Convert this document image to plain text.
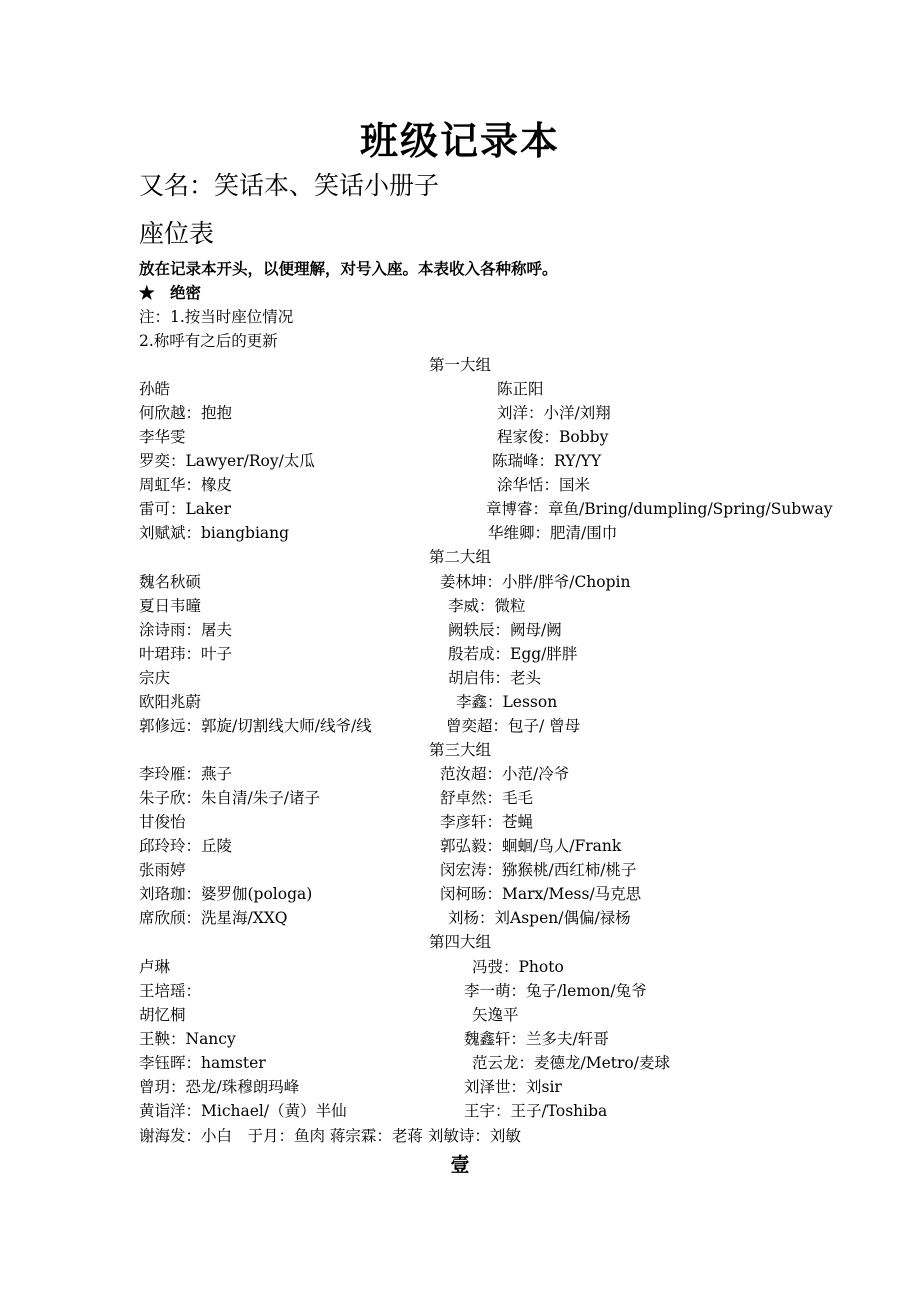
班级记录本
又名：笑话本、笑话小册子
座位表
放在记录本开头，以便理解，对号入座。本表收入各种称呼。
★　绝密
注：1.按当时座位情况
2.称呼有之后的更新
第一大组
孙皓	陈正阳
何欣越：抱抱	刘洋：小洋/刘翔
李华雯	程家俊：Bobby
罗奕：Lawyer/Roy/太瓜	陈瑞峰：RY/YY
周虹华：橡皮	涂华恬：国米
雷可：Laker	章博睿：章鱼/Bring/dumpling/Spring/Subway
刘赋斌：biangbiang	华维卿：肥清/围巾
第二大组
魏名秋硕	姜林坤：小胖/胖爷/Chopin
夏日韦曈	李威：微粒
涂诗雨：屠夫	阙轶辰：阙母/阙
叶珺玮：叶子	殷若成：Egg/胖胖
宗庆	胡启伟：老头
欧阳兆蔚	李鑫：Lesson
郭修远：郭旋/切割线大师/线爷/线	曾奕超：包子/ 曾母
第三大组
李玲雁：燕子	范汝超：小范/冷爷
朱子欣：朱自清/朱子/诸子	舒卓然：毛毛
甘俊怡	李彦轩：苍蝇
邱玲玲：丘陵	郭弘毅：蛔蛔/鸟人/Frank
张雨婷	闵宏涛：猕猴桃/西红柿/桃子
刘珞珈：婆罗伽(pologa)	闵柯旸：Marx/Mess/马克思
席欣颀：洗星海/XXQ	刘杨：刘Aspen/偶偏/禄杨
第四大组
卢琳	冯弢：Photo
王培瑶：	李一萌：兔子/lemon/兔爷
胡忆桐	矢逸平
王鞅：Nancy	魏鑫轩：兰多夫/轩哥
李钰晖：hamster	范云龙：麦德龙/Metro/麦球
曾玥：恐龙/珠穆朗玛峰	刘泽世：刘sir
黄诣洋：Michael/（黄）半仙	王宇：王子/Toshiba
谢海发：小白　于月：鱼肉 蒋宗霖：老蒋 刘敏诗：刘敏
壹
